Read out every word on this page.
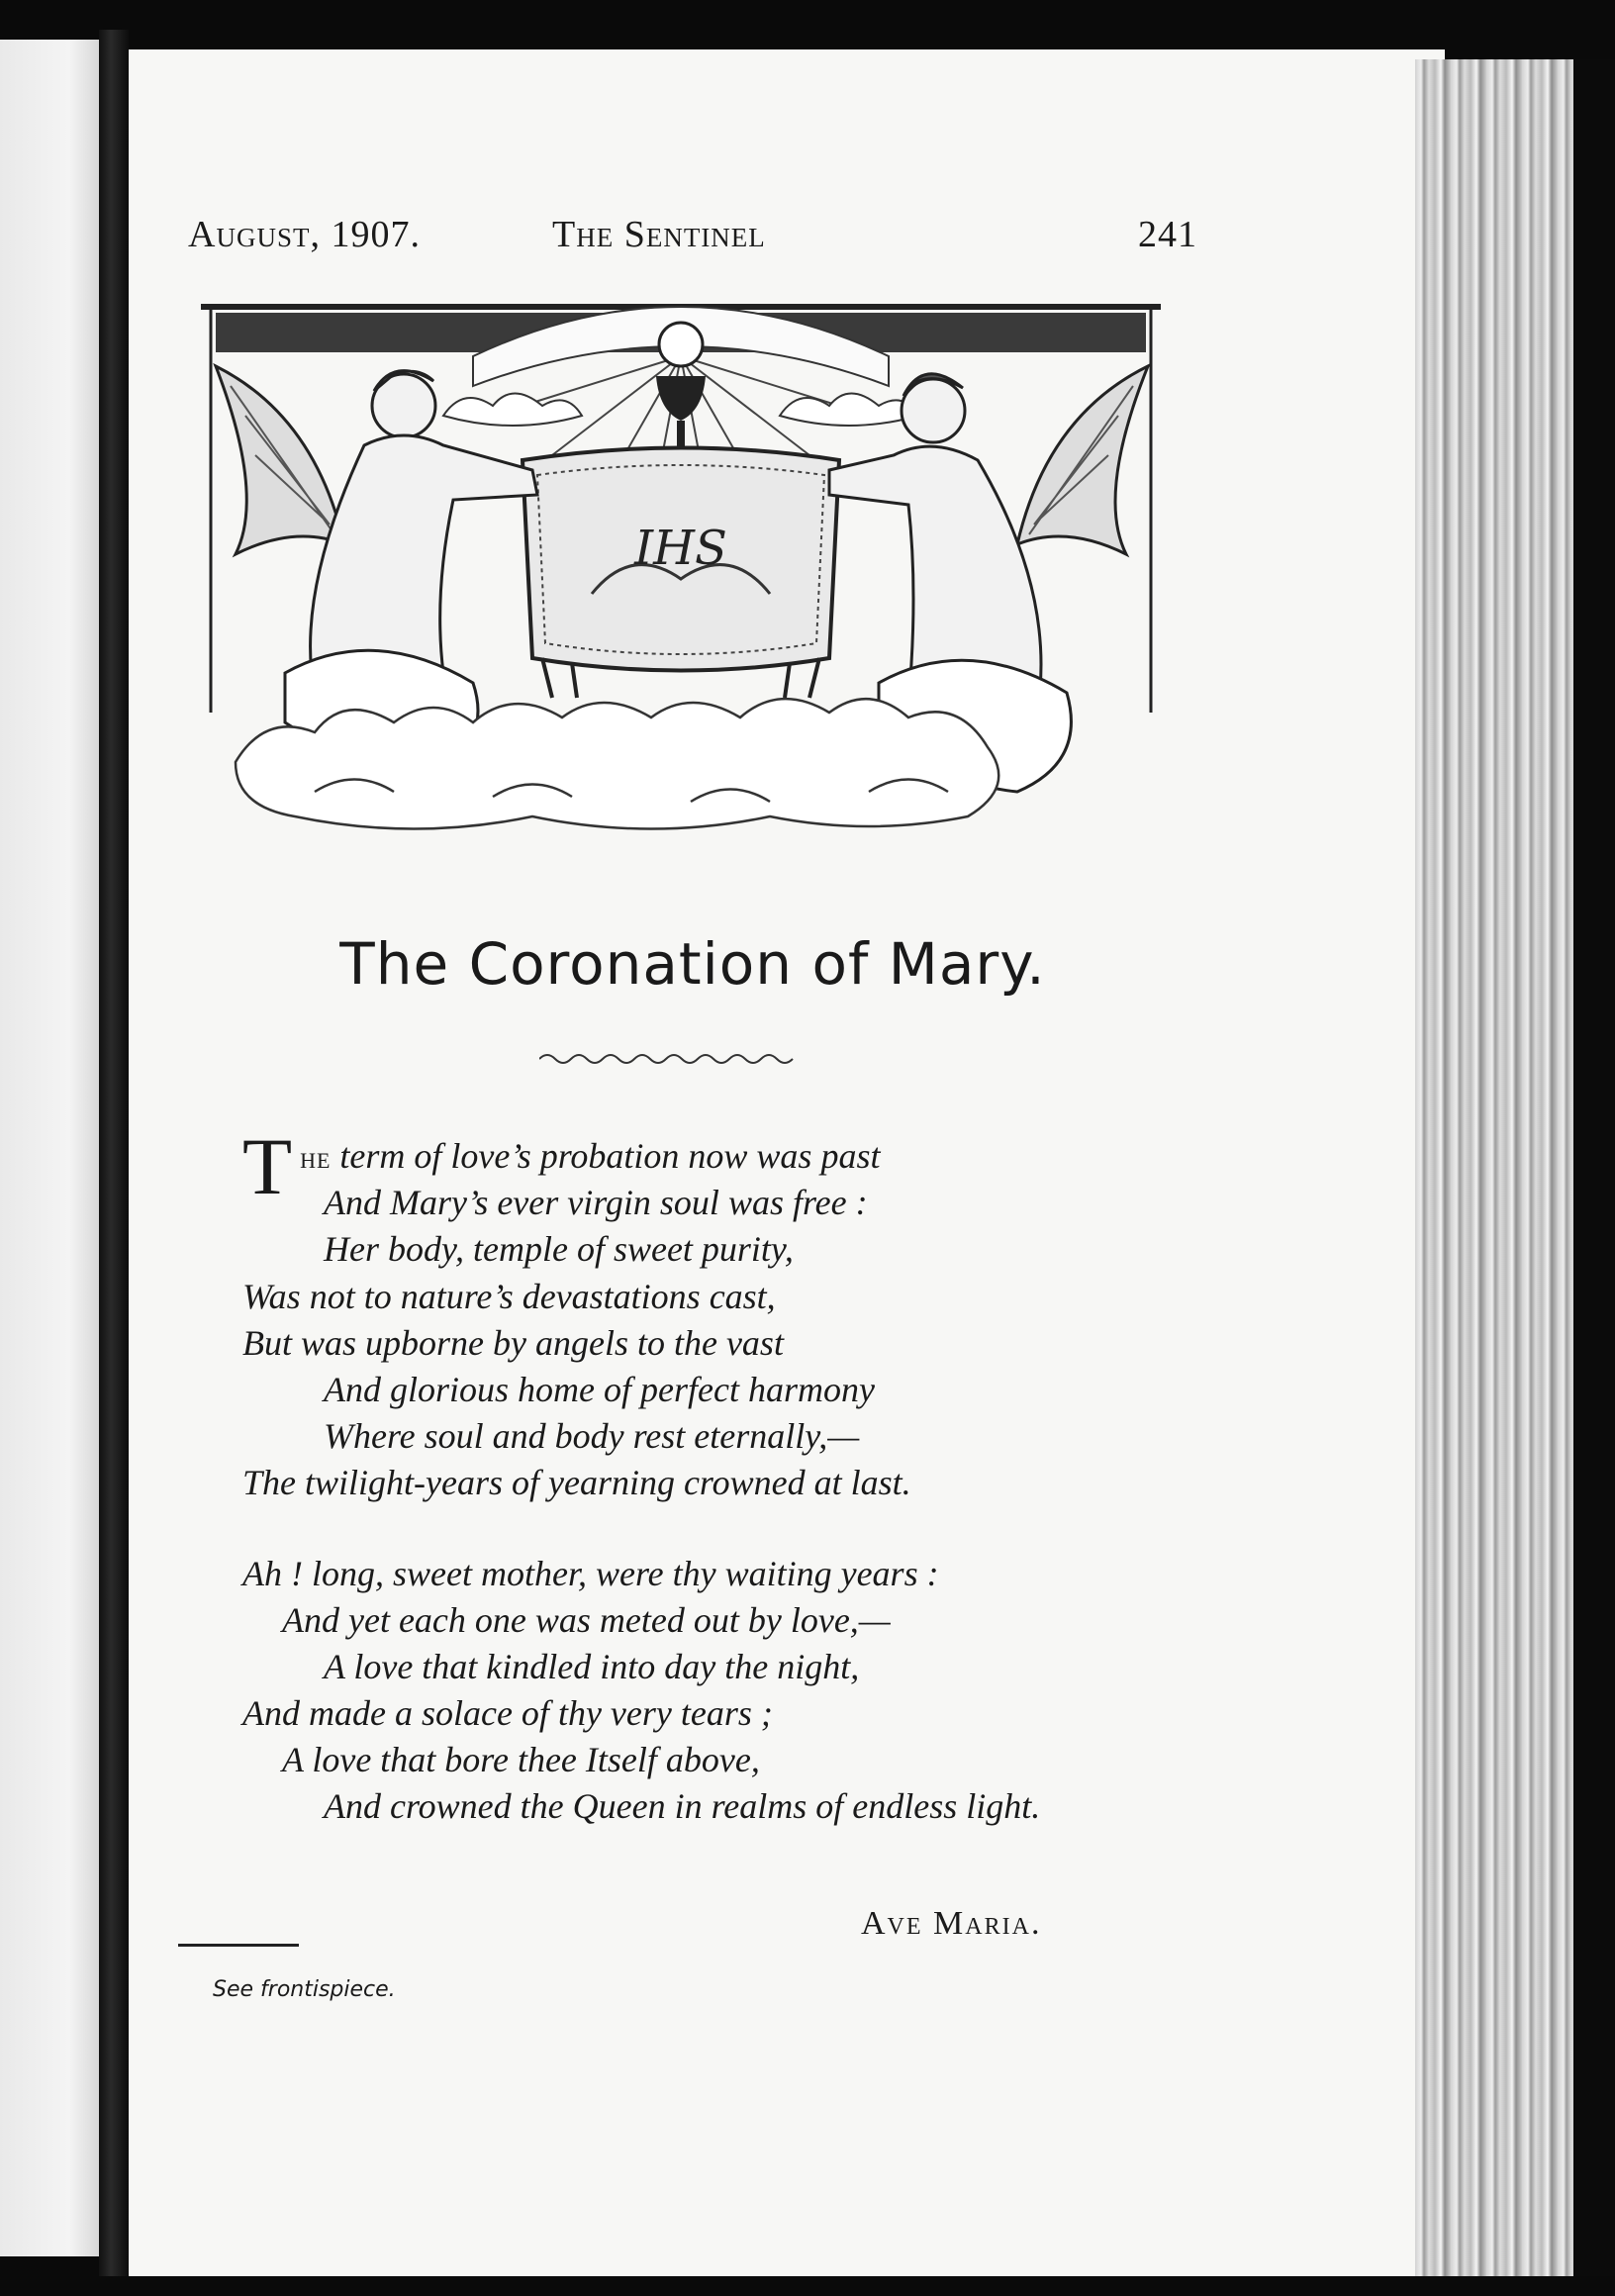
August, 1907.	The Sentinel	241
IHS
The Coronation of Mary.
The term of love’s probation now was past
And Mary’s ever virgin soul was free :
Her body, temple of sweet purity,
Was not to nature’s devastations cast,
But was upborne by angels to the vast
And glorious home of perfect harmony
Where soul and body rest eternally,—
The twilight-years of yearning crowned at last.
Ah ! long, sweet mother, were thy waiting years :
And yet each one was meted out by love,—
A love that kindled into day the night,
And made a solace of thy very tears ;
A love that bore thee Itself above,
And crowned the Queen in realms of endless light.
Ave Maria.
See frontispiece.
